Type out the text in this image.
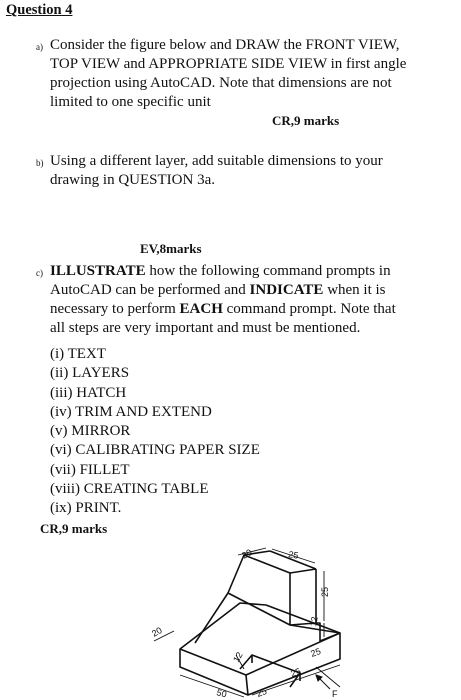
Question 4
a) Consider the figure below and DRAW the FRONT VIEW,
TOP VIEW and APPROPRIATE SIDE VIEW in first angle
projection using AutoCAD. Note that dimensions are not
limited to one specific unit
CR,9 marks
b) Using a different layer, add suitable dimensions to your
drawing in QUESTION 3a.
EV,8marks
c) ILLUSTRATE how the following command prompts in
AutoCAD can be performed and INDICATE when it is
necessary to perform EACH command prompt. Note that
all steps are very important and must be mentioned.
(i) TEXT
(ii) LAYERS
(iii) HATCH
(iv) TRIM AND EXTEND
(v) MIRROR
(vi) CALIBRATING PAPER SIZE
(vii) FILLET
(viii) CREATING TABLE
(ix) PRINT.
CR,9 marks
20	25
25
20
50
12
25
25
25
12
F
